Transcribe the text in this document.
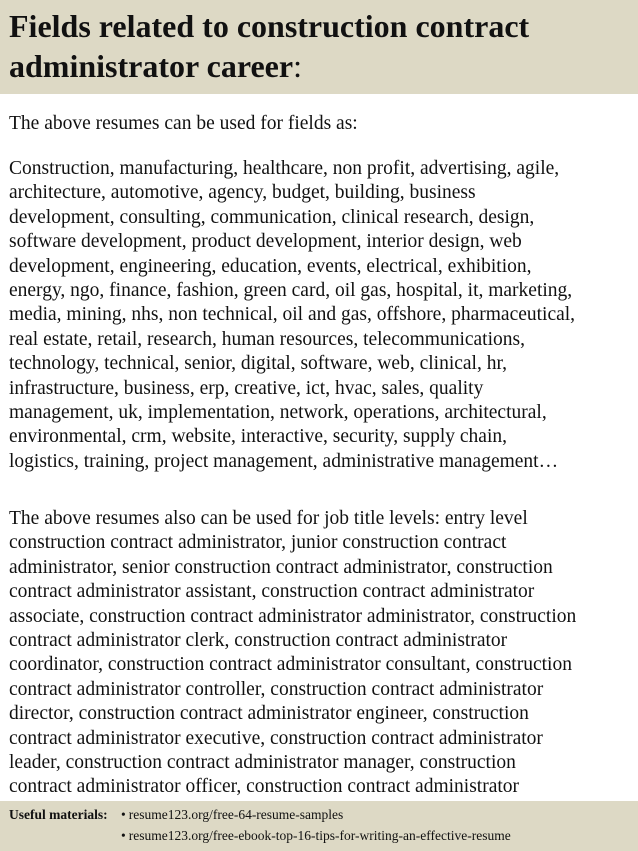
Fields related to construction contract
administrator career:

The above resumes can be used for fields as:

Construction, manufacturing, healthcare, non profit, advertising, agile,
architecture, automotive, agency, budget, building, business
development, consulting, communication, clinical research, design,
software development, product development, interior design, web
development, engineering, education, events, electrical, exhibition,
energy, ngo, finance, fashion, green card, oil gas, hospital, it, marketing,
media, mining, nhs, non technical, oil and gas, offshore, pharmaceutical,
real estate, retail, research, human resources, telecommunications,
technology, technical, senior, digital, software, web, clinical, hr,
infrastructure, business, erp, creative, ict, hvac, sales, quality
management, uk, implementation, network, operations, architectural,
environmental, crm, website, interactive, security, supply chain,
logistics, training, project management, administrative management…

The above resumes also can be used for job title levels: entry level
construction contract administrator, junior construction contract
administrator, senior construction contract administrator, construction
contract administrator assistant, construction contract administrator
associate, construction contract administrator administrator, construction
contract administrator clerk, construction contract administrator
coordinator, construction contract administrator consultant, construction
contract administrator controller, construction contract administrator
director, construction contract administrator engineer, construction
contract administrator executive, construction contract administrator
leader, construction contract administrator manager, construction
contract administrator officer, construction contract administrator

Useful materials: • resume123.org/free-64-resume-samples
• resume123.org/free-ebook-top-16-tips-for-writing-an-effective-resume
